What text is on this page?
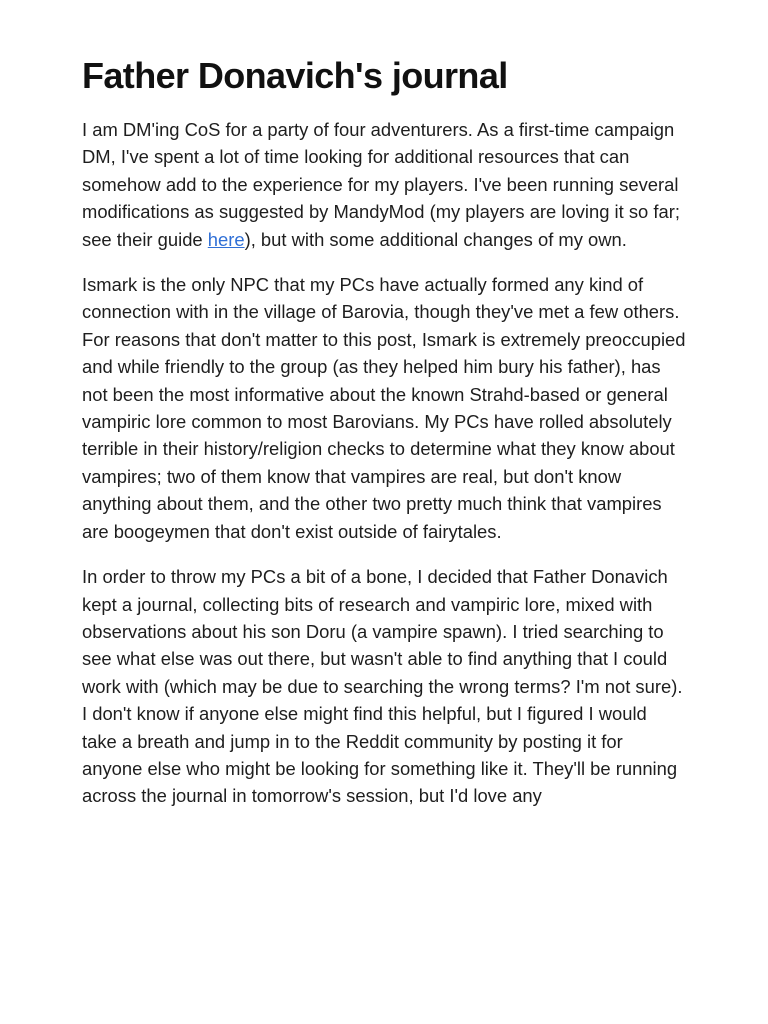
Father Donavich's journal

I am DM'ing CoS for a party of four adventurers. As a first-time campaign DM, I've spent a lot of time looking for additional resources that can somehow add to the experience for my players. I've been running several modifications as suggested by MandyMod (my players are loving it so far; see their guide here), but with some additional changes of my own.

Ismark is the only NPC that my PCs have actually formed any kind of connection with in the village of Barovia, though they've met a few others. For reasons that don't matter to this post, Ismark is extremely preoccupied and while friendly to the group (as they helped him bury his father), has not been the most informative about the known Strahd-based or general vampiric lore common to most Barovians. My PCs have rolled absolutely terrible in their history/religion checks to determine what they know about vampires; two of them know that vampires are real, but don't know anything about them, and the other two pretty much think that vampires are boogeymen that don't exist outside of fairytales.

In order to throw my PCs a bit of a bone, I decided that Father Donavich kept a journal, collecting bits of research and vampiric lore, mixed with observations about his son Doru (a vampire spawn). I tried searching to see what else was out there, but wasn't able to find anything that I could work with (which may be due to searching the wrong terms? I'm not sure). I don't know if anyone else might find this helpful, but I figured I would take a breath and jump in to the Reddit community by posting it for anyone else who might be looking for something like it. They'll be running across the journal in tomorrow's session, but I'd love any
